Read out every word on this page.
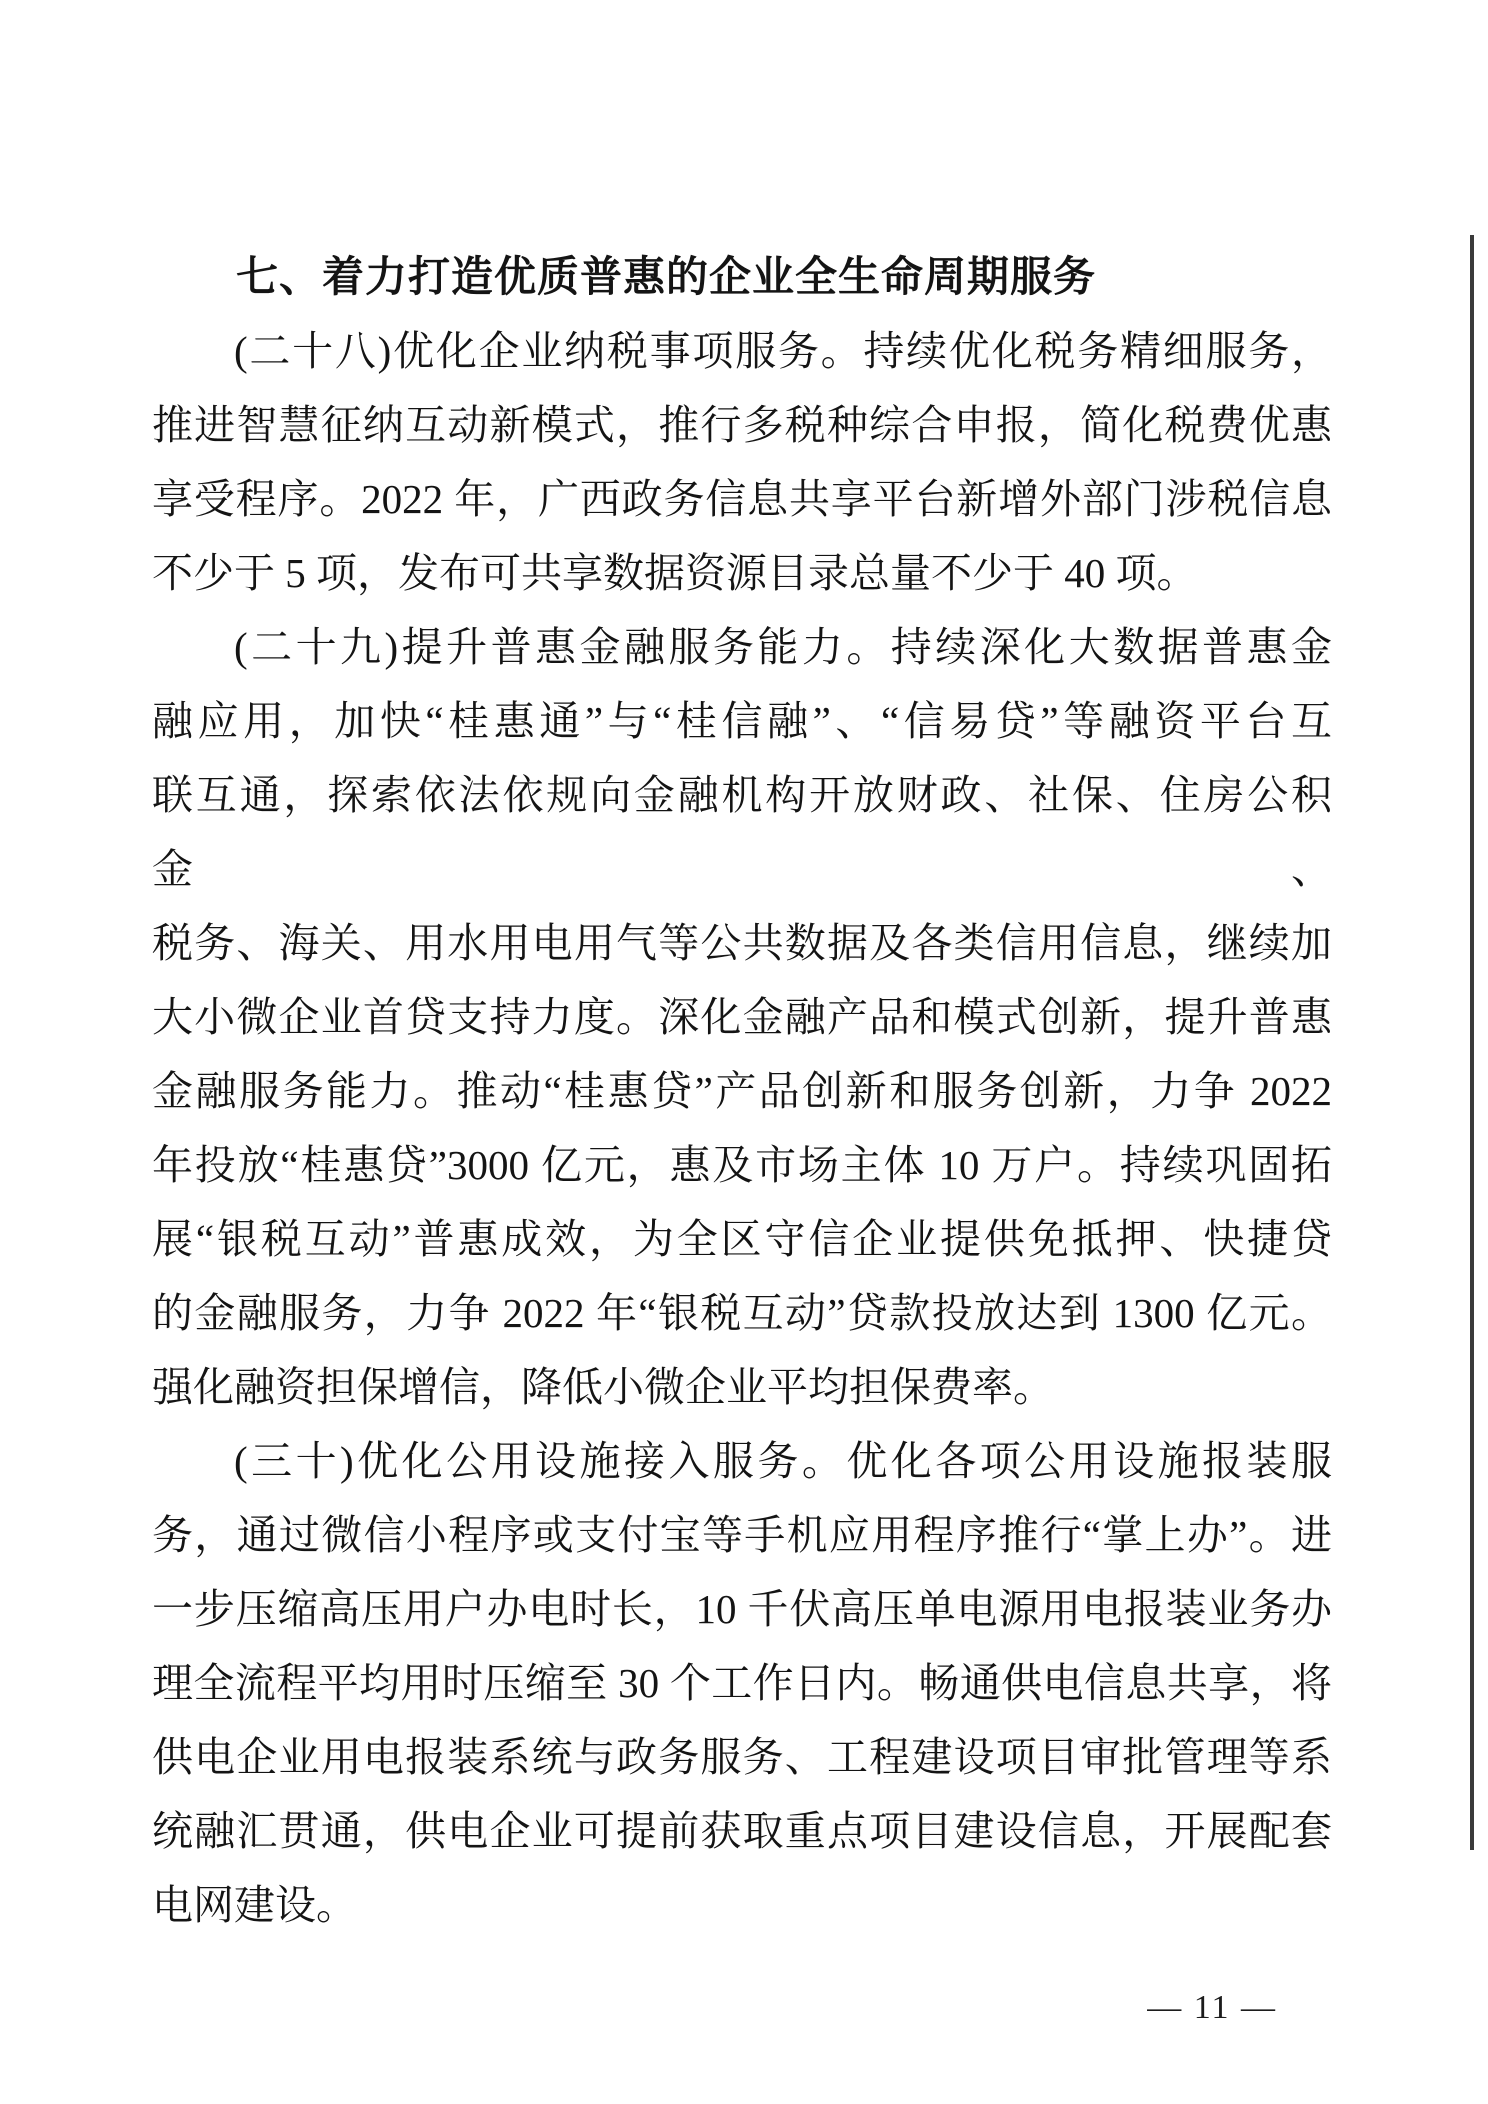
七、着力打造优质普惠的企业全生命周期服务
(二十八)优化企业纳税事项服务。持续优化税务精细服务，
推进智慧征纳互动新模式，推行多税种综合申报，简化税费优惠
享受程序。2022 年，广西政务信息共享平台新增外部门涉税信息
不少于 5 项，发布可共享数据资源目录总量不少于 40 项。
(二十九)提升普惠金融服务能力。持续深化大数据普惠金
融应用，加快“桂惠通”与“桂信融”、“信易贷”等融资平台互
联互通，探索依法依规向金融机构开放财政、社保、住房公积金、
税务、海关、用水用电用气等公共数据及各类信用信息，继续加
大小微企业首贷支持力度。深化金融产品和模式创新，提升普惠
金融服务能力。推动“桂惠贷”产品创新和服务创新，力争 2022
年投放“桂惠贷”3000 亿元，惠及市场主体 10 万户。持续巩固拓
展“银税互动”普惠成效，为全区守信企业提供免抵押、快捷贷
的金融服务，力争 2022 年“银税互动”贷款投放达到 1300 亿元。
强化融资担保增信，降低小微企业平均担保费率。
(三十)优化公用设施接入服务。优化各项公用设施报装服
务，通过微信小程序或支付宝等手机应用程序推行“掌上办”。进
一步压缩高压用户办电时长，10 千伏高压单电源用电报装业务办
理全流程平均用时压缩至 30 个工作日内。畅通供电信息共享，将
供电企业用电报装系统与政务服务、工程建设项目审批管理等系
统融汇贯通，供电企业可提前获取重点项目建设信息，开展配套
电网建设。
— 11 —
